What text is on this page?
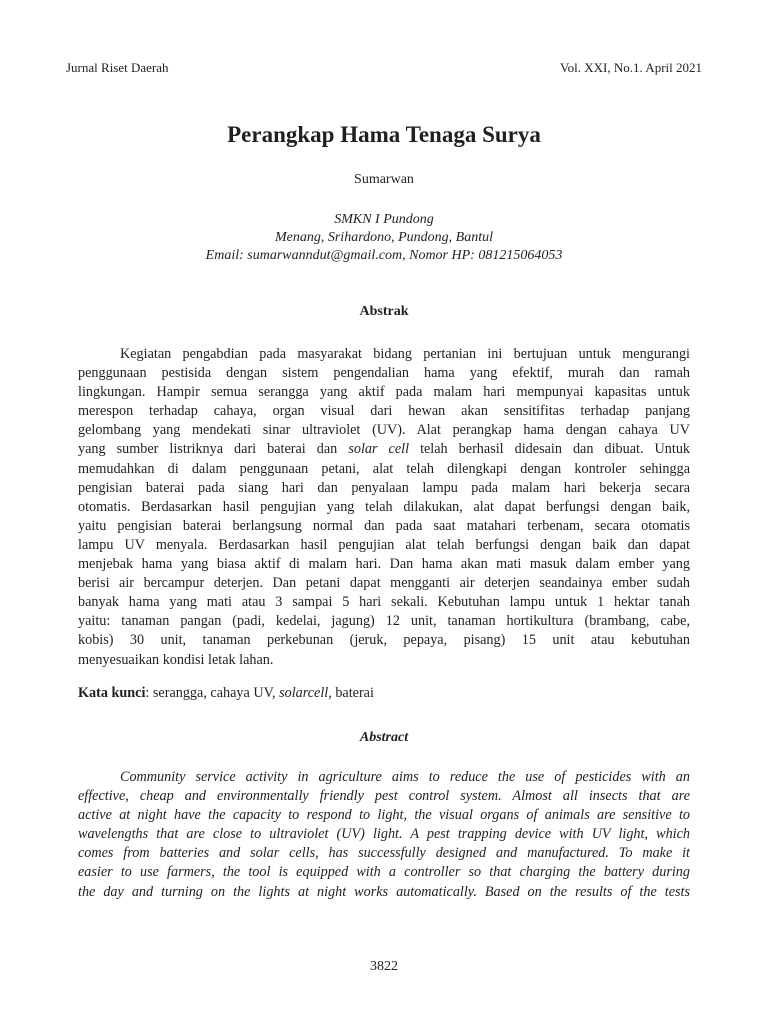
Jurnal Riset Daerah	Vol. XXI, No.1. April 2021
Perangkap Hama Tenaga Surya
Sumarwan
SMKN I Pundong
Menang, Srihardono, Pundong, Bantul
Email: sumarwanndut@gmail.com, Nomor HP: 081215064053
Abstrak
Kegiatan pengabdian pada masyarakat bidang pertanian ini bertujuan untuk mengurangi
penggunaan pestisida dengan sistem pengendalian hama yang efektif, murah dan ramah
lingkungan. Hampir semua serangga yang aktif pada malam hari mempunyai kapasitas untuk
merespon terhadap cahaya, organ visual dari hewan akan sensitifitas terhadap panjang
gelombang yang mendekati sinar ultraviolet (UV). Alat perangkap hama dengan cahaya UV
yang sumber listriknya dari baterai dan solar cell telah berhasil didesain dan dibuat. Untuk
memudahkan di dalam penggunaan petani, alat telah dilengkapi dengan kontroler sehingga
pengisian baterai pada siang hari dan penyalaan lampu pada malam hari bekerja secara
otomatis. Berdasarkan hasil pengujian yang telah dilakukan, alat dapat berfungsi dengan baik,
yaitu pengisian baterai berlangsung normal dan pada saat matahari terbenam, secara otomatis
lampu UV menyala. Berdasarkan hasil pengujian alat telah berfungsi dengan baik dan dapat
menjebak hama yang biasa aktif di malam hari. Dan hama akan mati masuk dalam ember yang
berisi air bercampur deterjen. Dan petani dapat mengganti air deterjen seandainya ember sudah
banyak hama yang mati atau 3 sampai 5 hari sekali. Kebutuhan lampu untuk 1 hektar tanah
yaitu: tanaman pangan (padi, kedelai, jagung) 12 unit, tanaman hortikultura (brambang, cabe,
kobis) 30 unit, tanaman perkebunan (jeruk, pepaya, pisang) 15 unit atau kebutuhan
menyesuaikan kondisi letak lahan.
Kata kunci: serangga, cahaya UV, solarcell, baterai
Abstract
Community service activity in agriculture aims to reduce the use of pesticides with an
effective, cheap and environmentally friendly pest control system. Almost all insects that are
active at night have the capacity to respond to light, the visual organs of animals are sensitive to
wavelengths that are close to ultraviolet (UV) light. A pest trapping device with UV light, which
comes from batteries and solar cells, has successfully designed and manufactured. To make it
easier to use farmers, the tool is equipped with a controller so that charging the battery during
the day and turning on the lights at night works automatically. Based on the results of the tests
3822
